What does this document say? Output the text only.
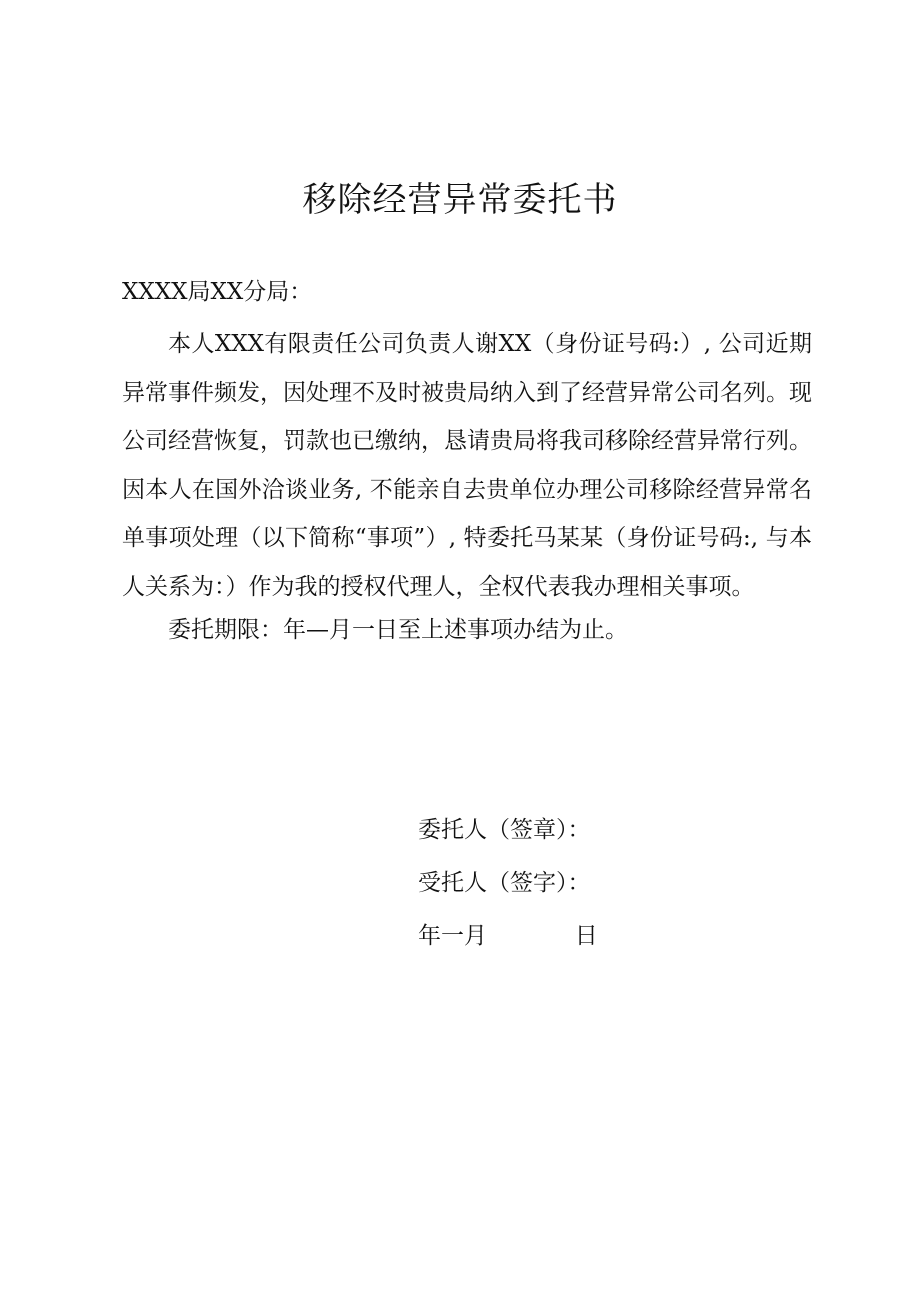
移除经营异常委托书
XXXX局XX分局：

本人XXX有限责任公司负责人谢XX（身份证号码:）, 公司近期异常事件频发，因处理不及时被贵局纳入到了经营异常公司名列。现公司经营恢复，罚款也已缴纳，恳请贵局将我司移除经营异常行列。因本人在国外洽谈业务, 不能亲自去贵单位办理公司移除经营异常名单事项处理（以下简称“事项”）, 特委托马某某（身份证号码:, 与本人关系为：）作为我的授权代理人，全权代表我办理相关事项。

委托期限：年—月一日至上述事项办结为止。

委托人（签章）：
受托人（签字）：
年一月            日
